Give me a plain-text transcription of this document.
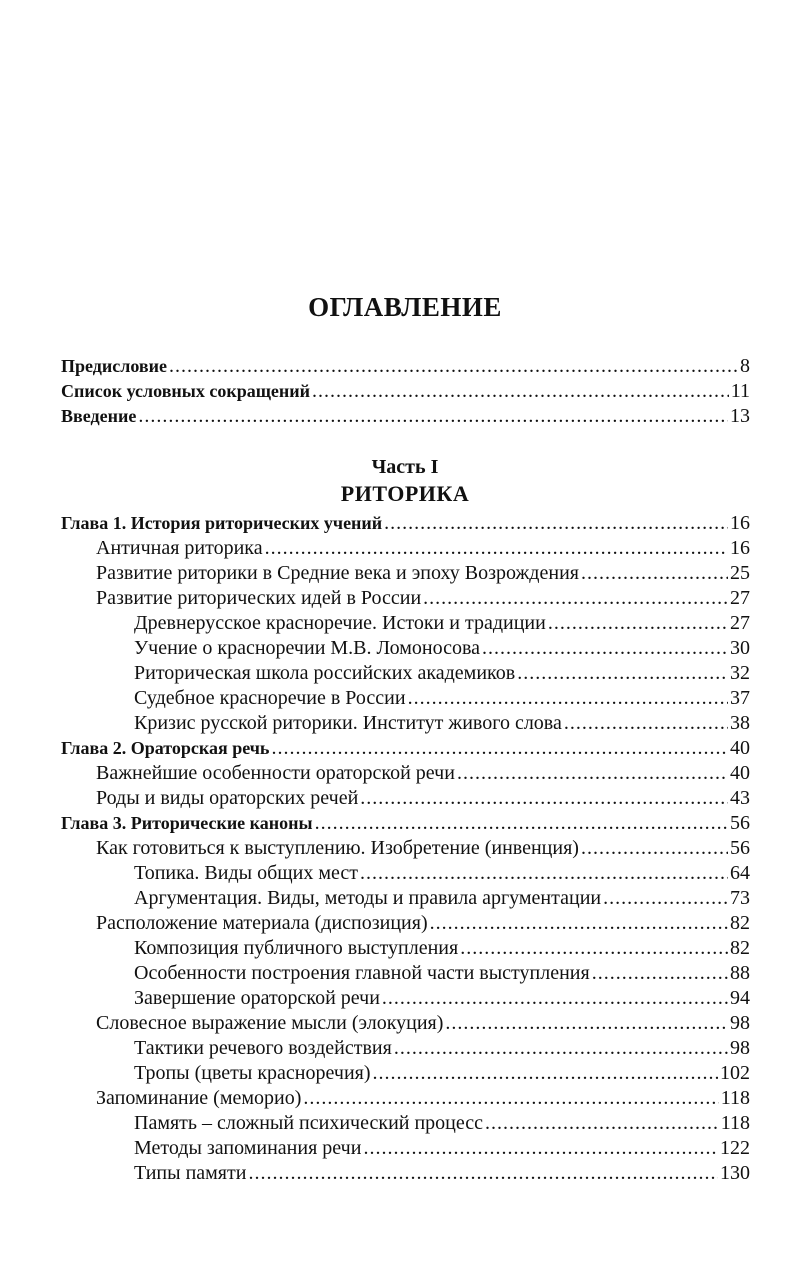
ОГЛАВЛЕНИЕ
Предисловие .....	8
Список условных сокращений .....	11
Введение .....	13
Часть I
РИТОРИКА
Глава 1. История риторических учений .....	16
Античная риторика .....	16
Развитие риторики в Средние века и эпоху Возрождения .....	25
Развитие риторических идей в России .....	27
Древнерусское красноречие. Истоки и традиции .....	27
Учение о красноречии М.В. Ломоносова .....	30
Риторическая школа российских академиков .....	32
Судебное красноречие в России .....	37
Кризис русской риторики. Институт живого слова .....	38
Глава 2. Ораторская речь .....	40
Важнейшие особенности ораторской речи .....	40
Роды и виды ораторских речей .....	43
Глава 3. Риторические каноны .....	56
Как готовиться к выступлению. Изобретение (инвенция) .....	56
Топика. Виды общих мест .....	64
Аргументация. Виды, методы и правила аргументации .....	73
Расположение материала (диспозиция) .....	82
Композиция публичного выступления .....	82
Особенности построения главной части выступления .....	88
Завершение ораторской речи .....	94
Словесное выражение мысли (элокуция) .....	98
Тактики речевого воздействия .....	98
Тропы (цветы красноречия) .....	102
Запоминание (мемориo) .....	118
Память – сложный психический процесс .....	118
Методы запоминания речи .....	122
Типы памяти .....	130
